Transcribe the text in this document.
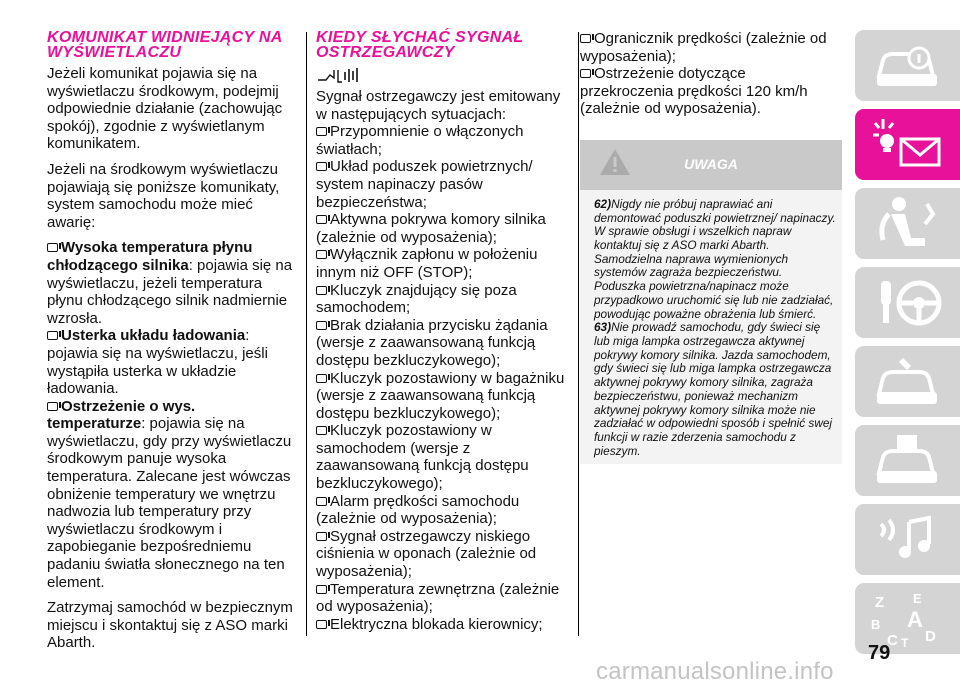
KOMUNIKAT WIDNIEJĄCY NA WYŚWIETLACZU

Jeżeli komunikat pojawia się na wyświetlaczu środkowym, podejmij odpowiednie działanie (zachowując spokój), zgodnie z wyświetlanym komunikatem.

Jeżeli na środkowym wyświetlaczu pojawiają się poniższe komunikaty, system samochodu może mieć awarię:

Wysoka temperatura płynu chłodzącego silnika: pojawia się na wyświetlaczu, jeżeli temperatura płynu chłodzącego silnik nadmiernie wzrosła.
Usterka układu ładowania: pojawia się na wyświetlaczu, jeśli wystąpiła usterka w układzie ładowania.
Ostrzeżenie o wys. temperaturze: pojawia się na wyświetlaczu, gdy przy wyświetlaczu środkowym panuje wysoka temperatura. Zalecane jest wówczas obniżenie temperatury we wnętrzu nadwozia lub temperatury przy wyświetlaczu środkowym i zapobieganie bezpośredniemu padaniu światła słonecznego na ten element.

Zatrzymaj samochód w bezpiecznym miejscu i skontaktuj się z ASO marki Abarth.

KIEDY SŁYCHAĆ SYGNAŁ OSTRZEGAWCZY

Sygnał ostrzegawczy jest emitowany w następujących sytuacjach:

Przypomnienie o włączonych światłach;
Układ poduszek powietrznych/ system napinaczy pasów bezpieczeństwa;
Aktywna pokrywa komory silnika (zależnie od wyposażenia);
Wyłącznik zapłonu w położeniu innym niż OFF (STOP);
Kluczyk znajdujący się poza samochodem;
Brak działania przycisku żądania (wersje z zaawansowaną funkcją dostępu bezkluczykowego);
Kluczyk pozostawiony w bagażniku (wersje z zaawansowaną funkcją dostępu bezkluczykowego);
Kluczyk pozostawiony w samochodem (wersje z zaawansowaną funkcją dostępu bezkluczykowego);
Alarm prędkości samochodu (zależnie od wyposażenia);
Sygnał ostrzegawczy niskiego ciśnienia w oponach (zależnie od wyposażenia);
Temperatura zewnętrzna (zależnie od wyposażenia);
Elektryczna blokada kierownicy;
Ogranicznik prędkości (zależnie od wyposażenia);
Ostrzeżenie dotyczące przekroczenia prędkości 120 km/h (zależnie od wyposażenia).
UWAGA

62)Nigdy nie próbuj naprawiać ani demontować poduszki powietrznej/ napinaczy. W sprawie obsługi i wszelkich napraw kontaktuj się z ASO marki Abarth. Samodzielna naprawa wymienionych systemów zagraża bezpieczeństwu. Poduszka powietrzna/napinacz może przypadkowo uruchomić się lub nie zadziałać, powodując poważne obrażenia lub śmierć.

63)Nie prowadź samochodu, gdy świeci się lub miga lampka ostrzegawcza aktywnej pokrywy komory silnika. Jazda samochodem, gdy świeci się lub miga lampka ostrzegawcza aktywnej pokrywy komory silnika, zagraża bezpieczeństwu, ponieważ mechanizm aktywnej pokrywy komory silnika może nie zadziałać w odpowiedni sposób i spełnić swej funkcji w razie zderzenia samochodu z pieszym.

Z E
B A
C T D
79
carmanualsonline.info
